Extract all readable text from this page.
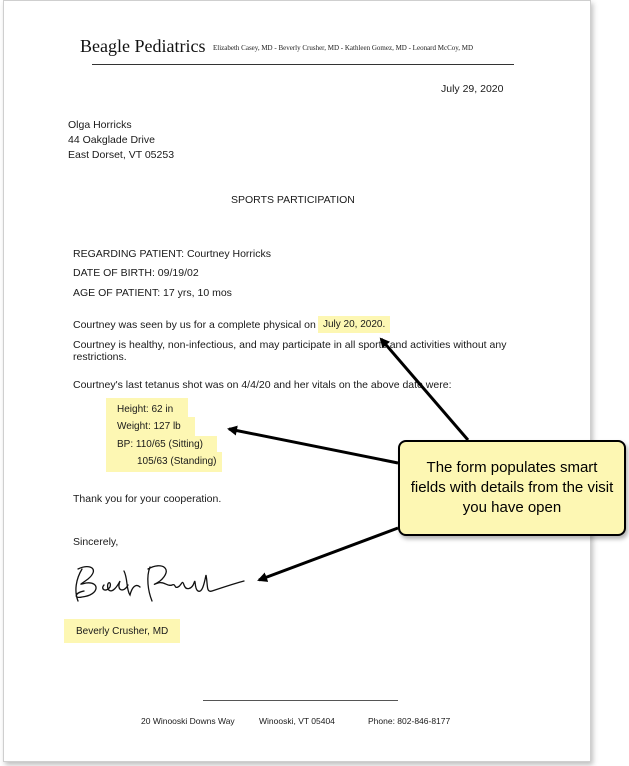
Beagle Pediatrics Elizabeth Casey, MD - Beverly Crusher, MD - Kathleen Gomez, MD - Leonard McCoy, MD
July 29, 2020
Olga Horricks
44 Oakglade Drive
East Dorset, VT 05253
SPORTS PARTICIPATION
REGARDING PATIENT: Courtney Horricks
DATE OF BIRTH: 09/19/02
AGE OF PATIENT: 17 yrs, 10 mos
Courtney was seen by us for a complete physical on July 20, 2020.
Courtney is healthy, non-infectious, and may participate in all sports and activities without any
restrictions.
Courtney's last tetanus shot was on 4/4/20 and her vitals on the above date were:
Height: 62 in
Weight: 127 lb
BP: 110/65 (Sitting)
105/63 (Standing)
Thank you for your cooperation.
Sincerely,
Beverly Crusher, MD
20 Winooski Downs Way	Winooski, VT 05404	Phone: 802-846-8177
The form populates smart fields with details from the visit you have open
